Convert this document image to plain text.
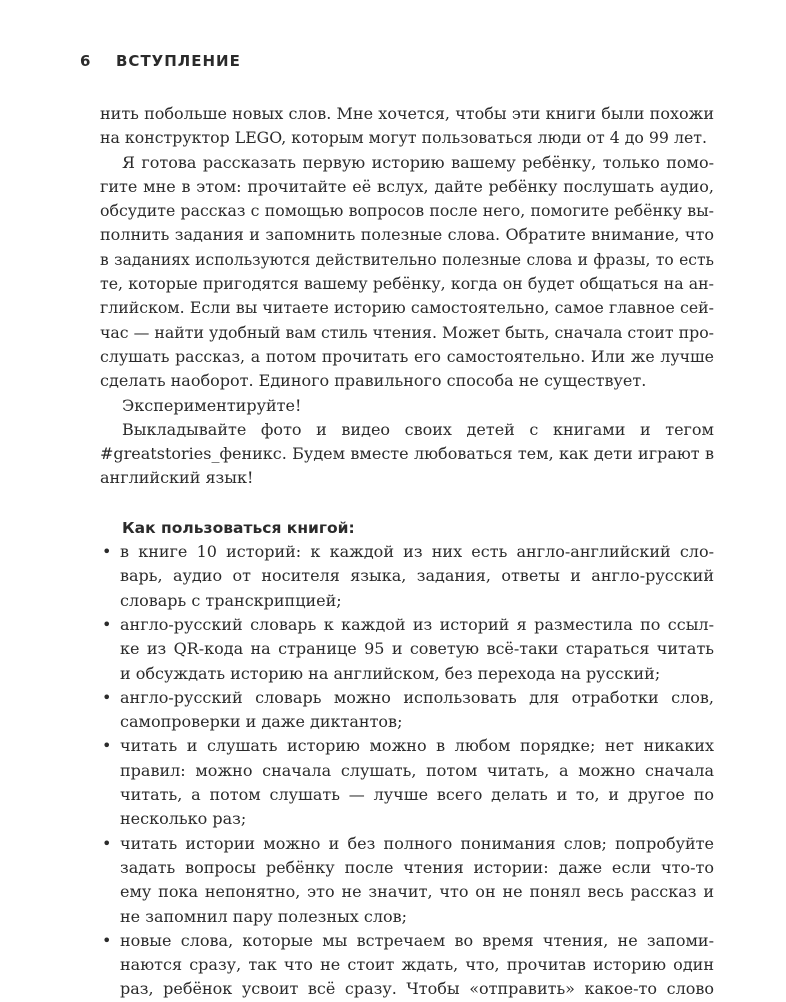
6 ВСТУПЛЕНИЕ
нить побольше новых слов. Мне хочется, чтобы эти книги были похожи
на конструктор LEGO, которым могут пользоваться люди от 4 до 99 лет.
Я готова рассказать первую историю вашему ребёнку, только помо-
гите мне в этом: прочитайте её вслух, дайте ребёнку послушать аудио,
обсудите рассказ с помощью вопросов после него, помогите ребёнку вы-
полнить задания и запомнить полезные слова. Обратите внимание, что
в заданиях используются действительно полезные слова и фразы, то есть
те, которые пригодятся вашему ребёнку, когда он будет общаться на ан-
глийском. Если вы читаете историю самостоятельно, самое главное сей-
час — найти удобный вам стиль чтения. Может быть, сначала стоит про-
слушать рассказ, а потом прочитать его самостоятельно. Или же лучше
сделать наоборот. Единого правильного способа не существует.
Экспериментируйте!
Выкладывайте фото и видео своих детей с книгами и тегом
#greatstories_феникс. Будем вместе любоваться тем, как дети играют в
английский язык!
Как пользоваться книгой:
• в книге 10 историй: к каждой из них есть англо-английский сло-
варь, аудио от носителя языка, задания, ответы и англо-русский
словарь с транскрипцией;
• англо-русский словарь к каждой из историй я разместила по ссыл-
ке из QR-кода на странице 95 и советую всё-таки стараться читать
и обсуждать историю на английском, без перехода на русский;
• англо-русский словарь можно использовать для отработки слов,
самопроверки и даже диктантов;
• читать и слушать историю можно в любом порядке; нет никаких
правил: можно сначала слушать, потом читать, а можно сначала
читать, а потом слушать — лучше всего делать и то, и другое по
несколько раз;
• читать истории можно и без полного понимания слов; попробуйте
задать вопросы ребёнку после чтения истории: даже если что-то
ему пока непонятно, это не значит, что он не понял весь рассказ и
не запомнил пару полезных слов;
• новые слова, которые мы встречаем во время чтения, не запоми-
наются сразу, так что не стоит ждать, что, прочитав историю один
раз, ребёнок усвоит всё сразу. Чтобы «отправить» какое-то слово
